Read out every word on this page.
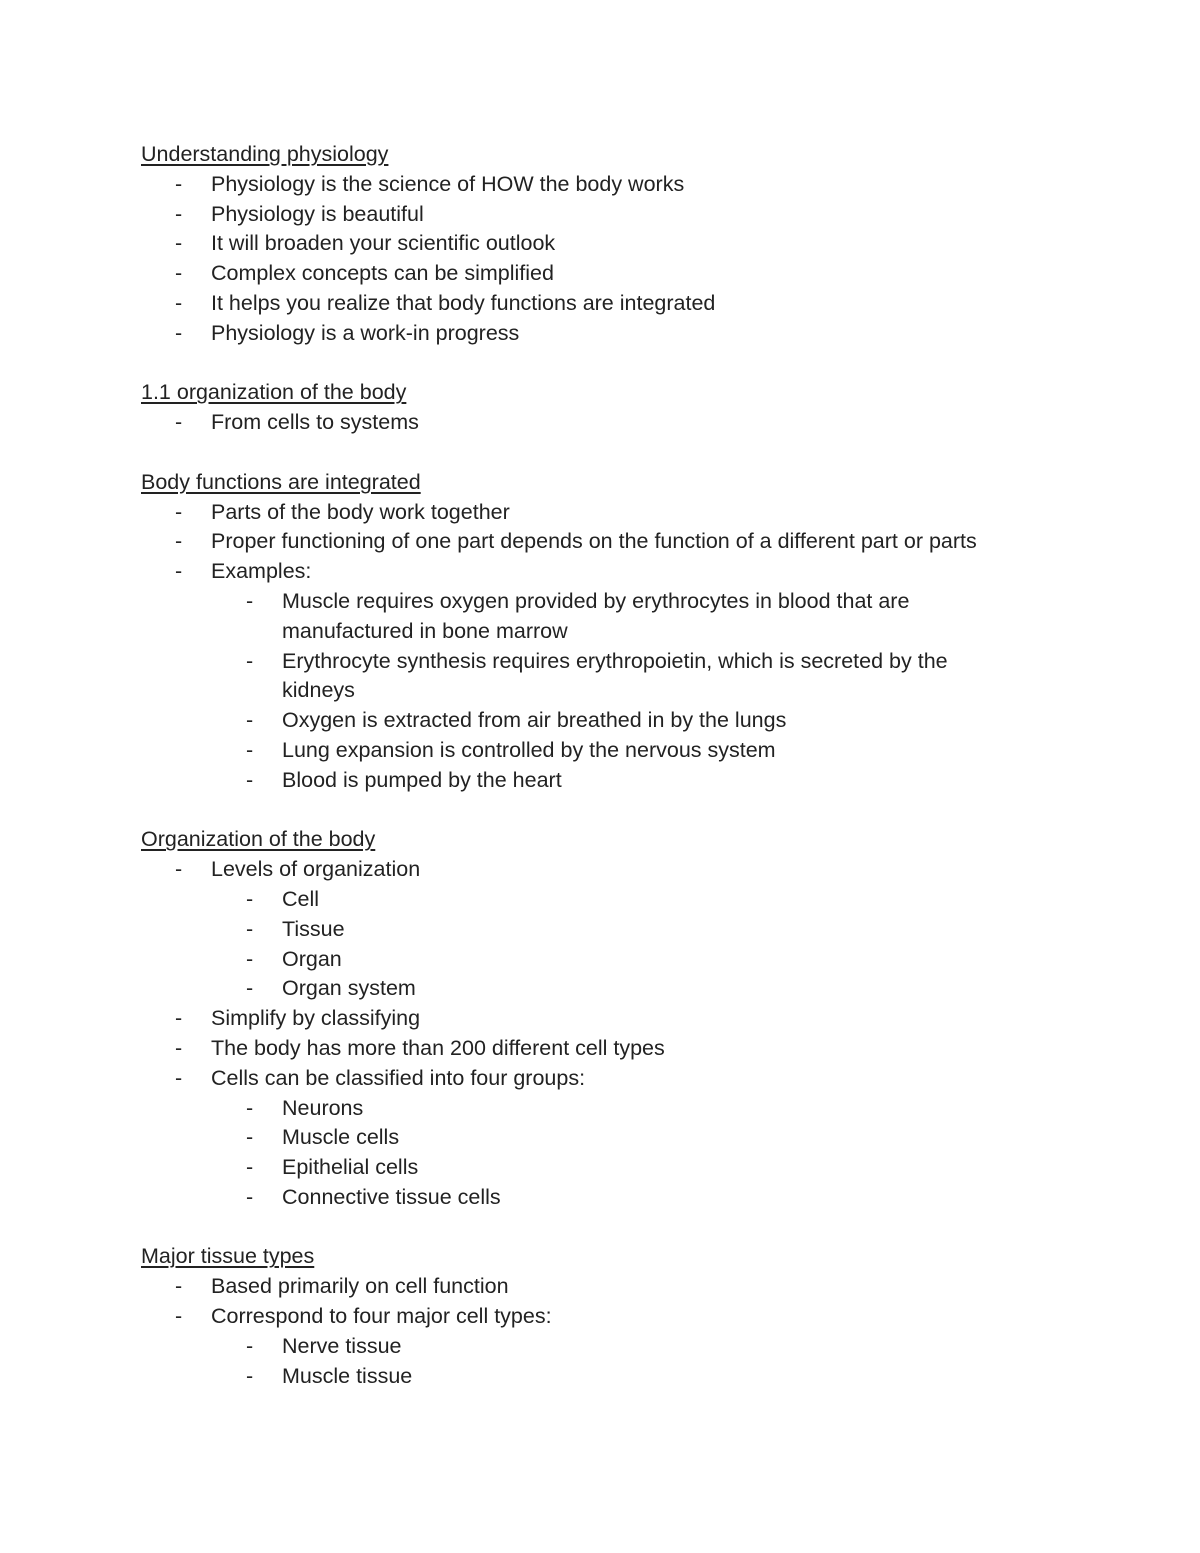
Understanding physiology
- Physiology is the science of HOW the body works
- Physiology is beautiful
- It will broaden your scientific outlook
- Complex concepts can be simplified
- It helps you realize that body functions are integrated
- Physiology is a work-in progress
1.1 organization of the body
- From cells to systems
Body functions are integrated
- Parts of the body work together
- Proper functioning of one part depends on the function of a different part or parts
- Examples:
- Muscle requires oxygen provided by erythrocytes in blood that are manufactured in bone marrow
- Erythrocyte synthesis requires erythropoietin, which is secreted by the kidneys
- Oxygen is extracted from air breathed in by the lungs
- Lung expansion is controlled by the nervous system
- Blood is pumped by the heart
Organization of the body
- Levels of organization
- Cell
- Tissue
- Organ
- Organ system
- Simplify by classifying
- The body has more than 200 different cell types
- Cells can be classified into four groups:
- Neurons
- Muscle cells
- Epithelial cells
- Connective tissue cells
Major tissue types
- Based primarily on cell function
- Correspond to four major cell types:
- Nerve tissue
- Muscle tissue
